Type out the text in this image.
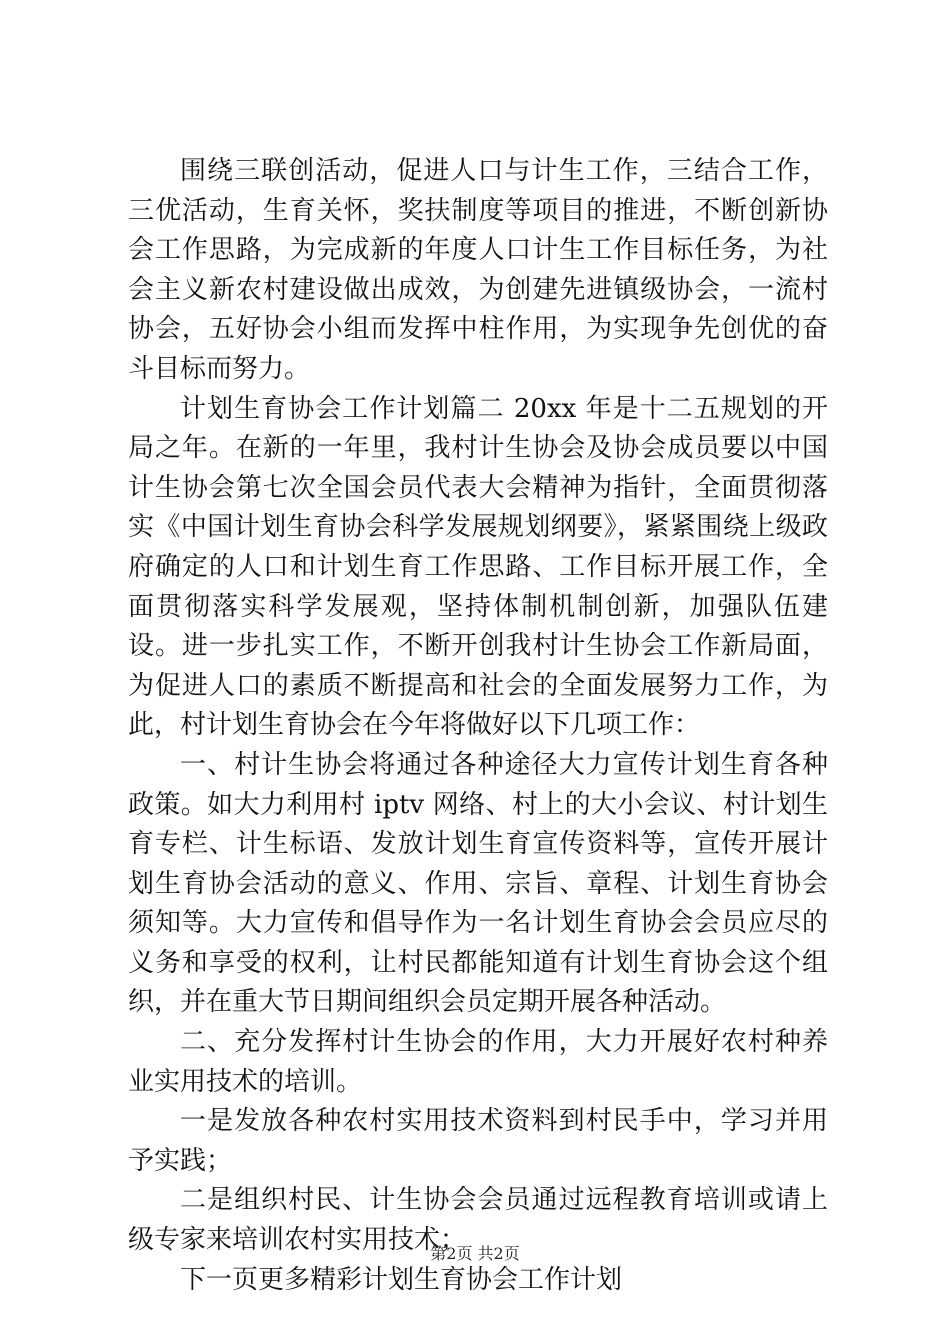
围绕三联创活动，促进人口与计生工作，三结合工作，三优活动，生育关怀，奖扶制度等项目的推进，不断创新协会工作思路，为完成新的年度人口计生工作目标任务，为社会主义新农村建设做出成效，为创建先进镇级协会，一流村协会，五好协会小组而发挥中柱作用，为实现争先创优的奋斗目标而努力。

计划生育协会工作计划篇二 20xx 年是十二五规划的开局之年。在新的一年里，我村计生协会及协会成员要以中国计生协会第七次全国会员代表大会精神为指针，全面贯彻落实《中国计划生育协会科学发展规划纲要》，紧紧围绕上级政府确定的人口和计划生育工作思路、工作目标开展工作，全面贯彻落实科学发展观，坚持体制机制创新，加强队伍建设。进一步扎实工作，不断开创我村计生协会工作新局面，为促进人口的素质不断提高和社会的全面发展努力工作，为此，村计划生育协会在今年将做好以下几项工作：

一、村计生协会将通过各种途径大力宣传计划生育各种政策。如大力利用村 iptv 网络、村上的大小会议、村计划生育专栏、计生标语、发放计划生育宣传资料等，宣传开展计划生育协会活动的意义、作用、宗旨、章程、计划生育协会须知等。大力宣传和倡导作为一名计划生育协会会员应尽的义务和享受的权利，让村民都能知道有计划生育协会这个组织，并在重大节日期间组织会员定期开展各种活动。

二、充分发挥村计生协会的作用，大力开展好农村种养业实用技术的培训。

一是发放各种农村实用技术资料到村民手中，学习并用予实践；

二是组织村民、计生协会会员通过远程教育培训或请上级专家来培训农村实用技术；

下一页更多精彩计划生育协会工作计划

第2页 共2页
